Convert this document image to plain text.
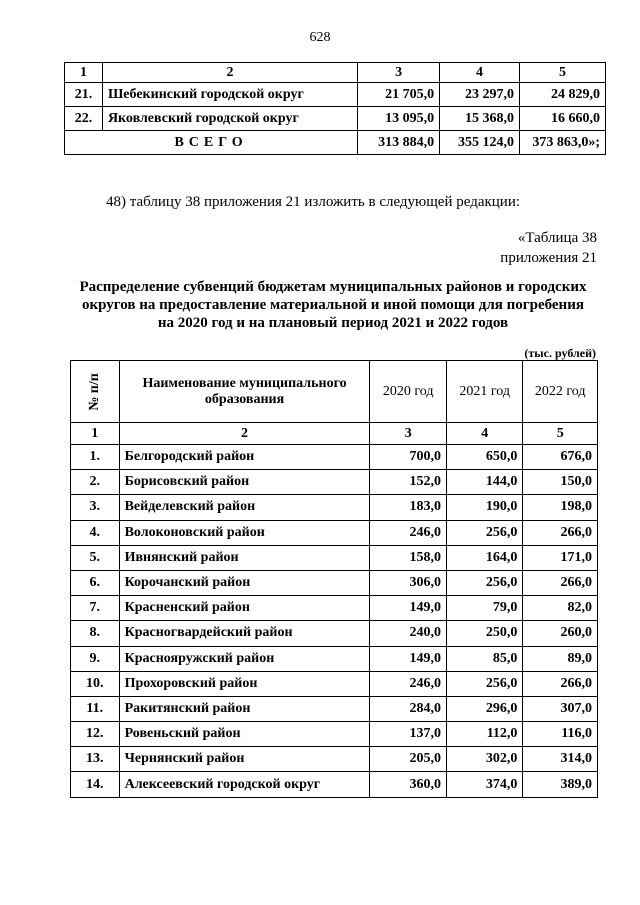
628
1	2	3	4	5
21.	Шебекинский городской округ	21 705,0	23 297,0	24 829,0
22.	Яковлевский городской округ	13 095,0	15 368,0	16 660,0
ВСЕГО		313 884,0	355 124,0	373 863,0»;
48) таблицу 38 приложения 21 изложить в следующей редакции:
«Таблица 38
приложения 21
Распределение субвенций бюджетам муниципальных районов и городских
округов на предоставление материальной и иной помощи для погребения
на 2020 год и на плановый период 2021 и 2022 годов
(тыс. рублей)
№ п/п	Наименование муниципального
образования	2020 год	2021 год	2022 год
1	2	3	4	5
1.	Белгородский район	700,0	650,0	676,0
2.	Борисовский район	152,0	144,0	150,0
3.	Вейделевский район	183,0	190,0	198,0
4.	Волоконовский район	246,0	256,0	266,0
5.	Ивнянский район	158,0	164,0	171,0
6.	Корочанский район	306,0	256,0	266,0
7.	Красненский район	149,0	79,0	82,0
8.	Красногвардейский район	240,0	250,0	260,0
9.	Краснояружский район	149,0	85,0	89,0
10.	Прохоровский район	246,0	256,0	266,0
11.	Ракитянский район	284,0	296,0	307,0
12.	Ровеньский район	137,0	112,0	116,0
13.	Чернянский район	205,0	302,0	314,0
14.	Алексеевский городской округ	360,0	374,0	389,0
